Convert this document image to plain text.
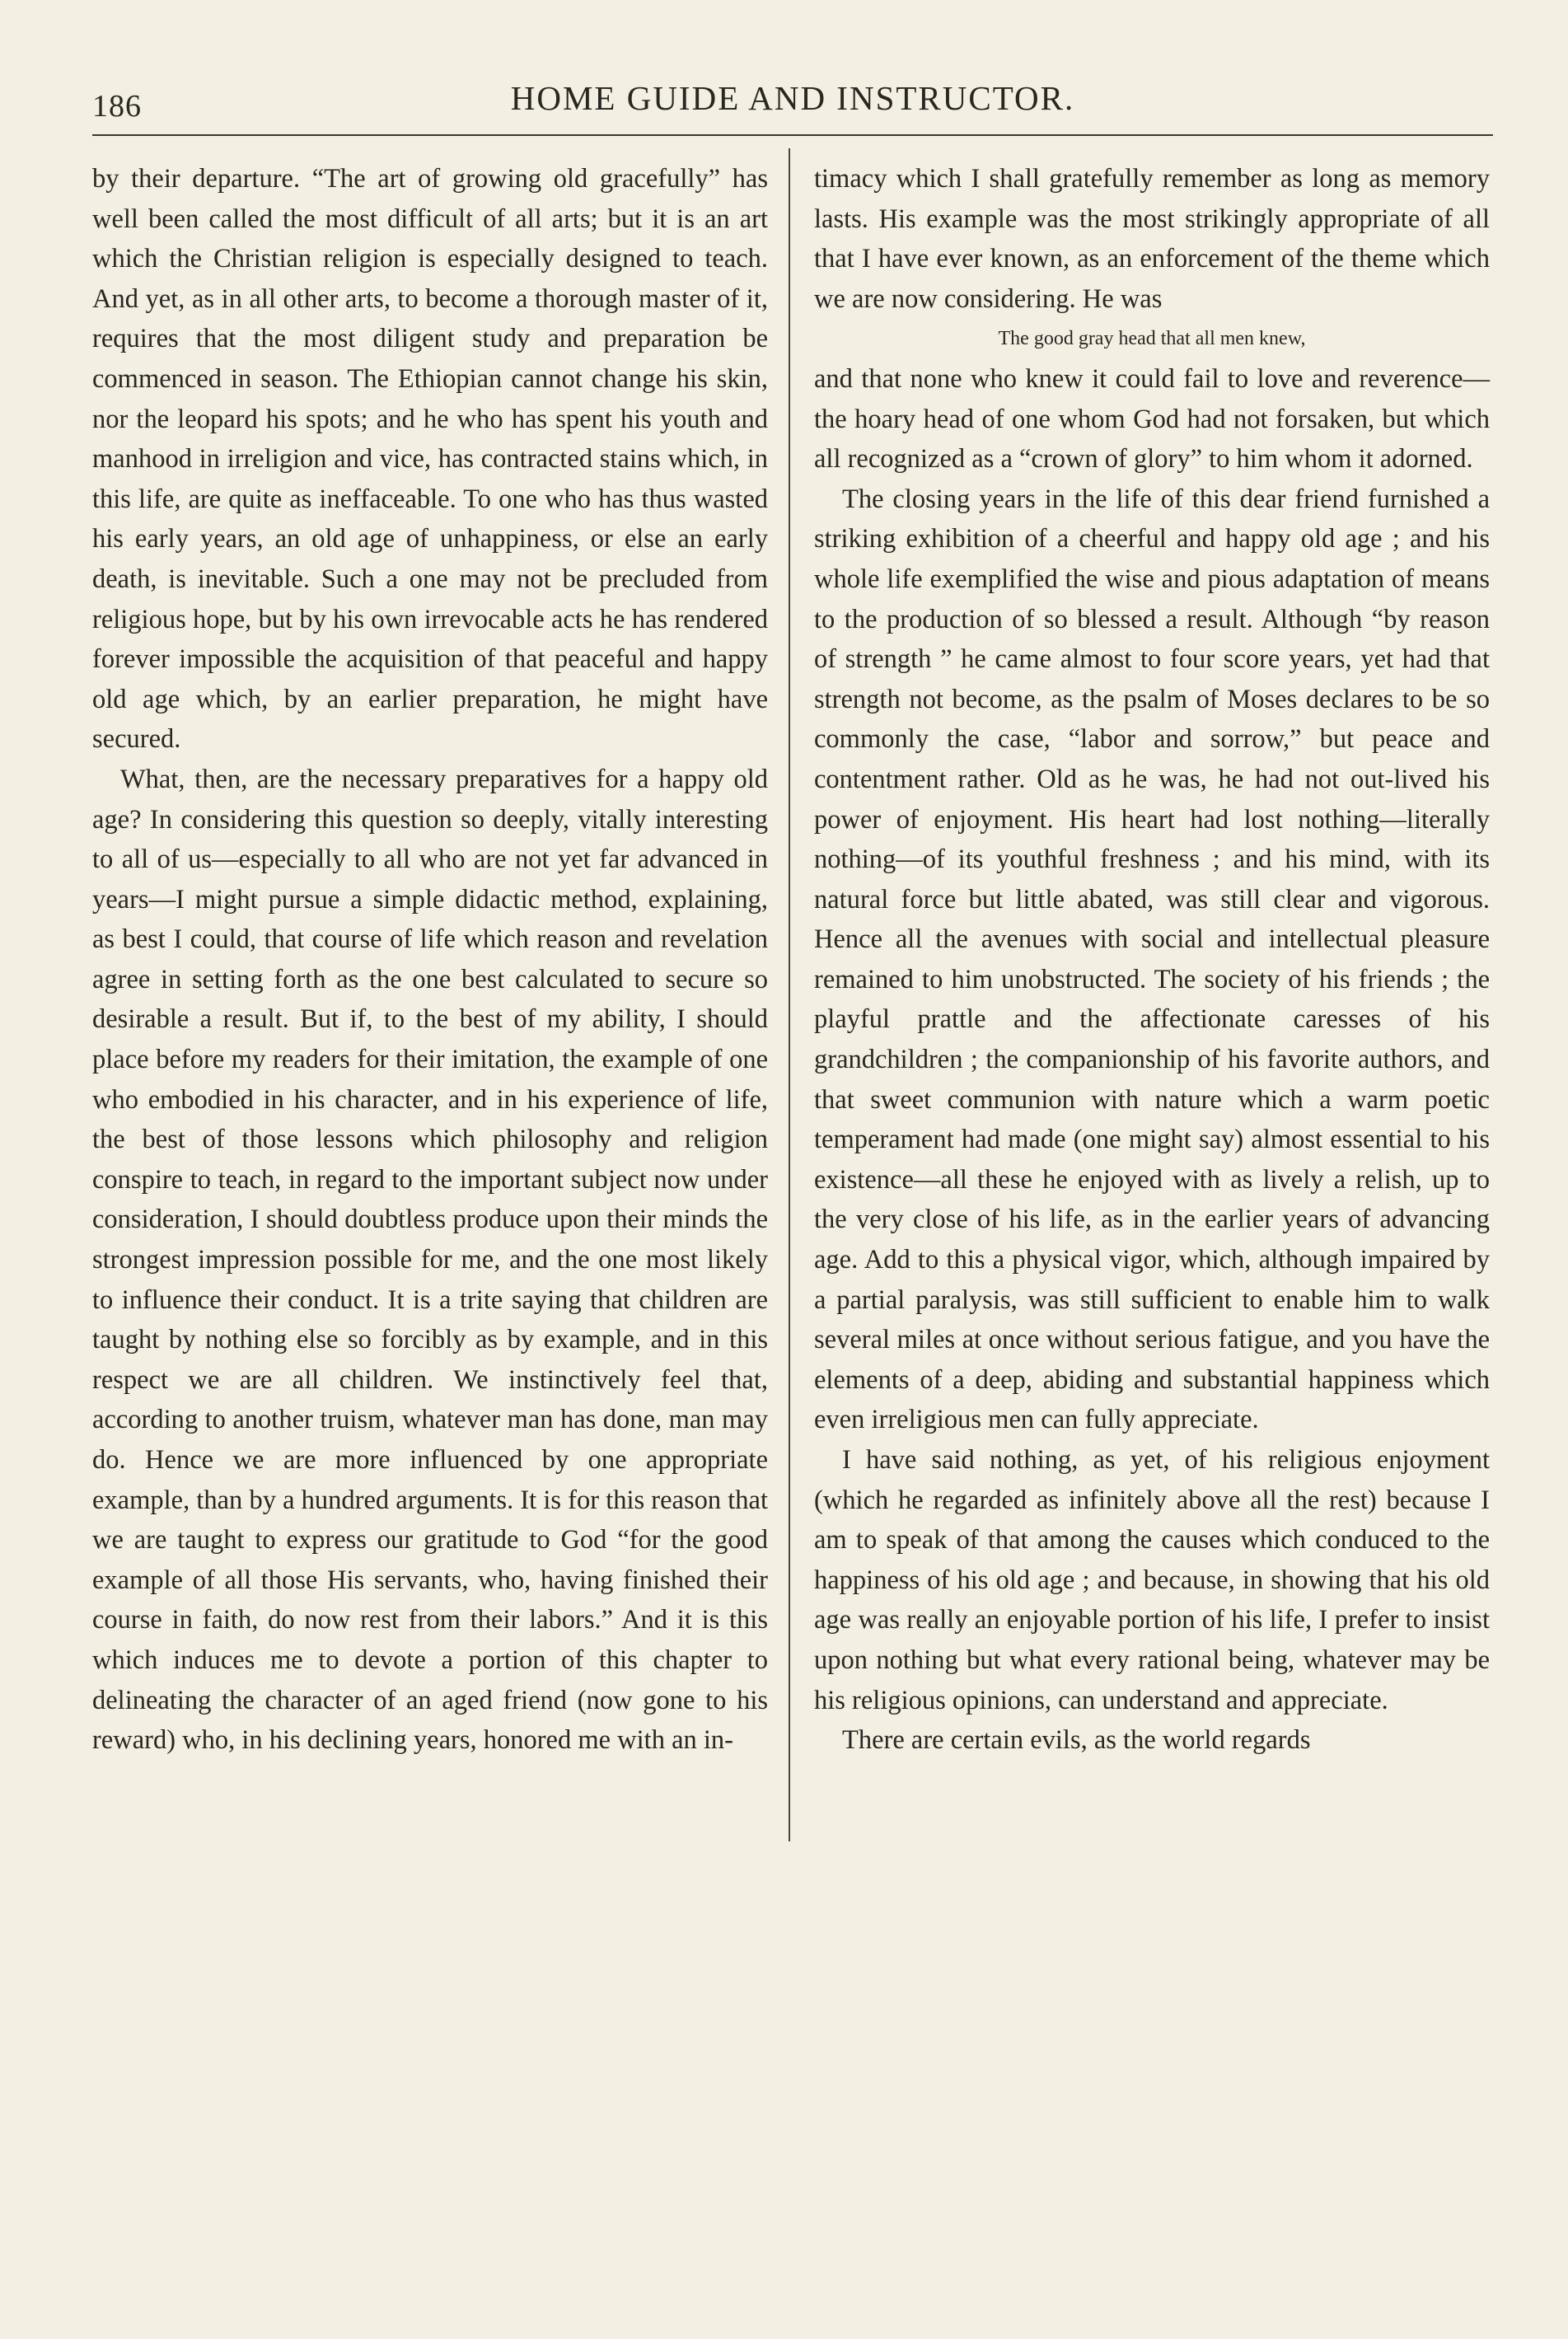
186	HOME GUIDE AND INSTRUCTOR.

by their departure. “The art of growing old gracefully” has well been called the most difficult of all arts; but it is an art which the Christian religion is especially designed to teach. And yet, as in all other arts, to become a thorough master of it, requires that the most diligent study and preparation be commenced in season. The Ethiopian cannot change his skin, nor the leopard his spots; and he who has spent his youth and manhood in irreligion and vice, has contracted stains which, in this life, are quite as ineffaceable. To one who has thus wasted his early years, an old age of unhappiness, or else an early death, is inevitable. Such a one may not be precluded from religious hope, but by his own irrevocable acts he has rendered forever impossible the acquisition of that peaceful and happy old age which, by an earlier preparation, he might have secured.

What, then, are the necessary preparatives for a happy old age? In considering this question so deeply, vitally interesting to all of us—especially to all who are not yet far advanced in years—I might pursue a simple didactic method, explaining, as best I could, that course of life which reason and revelation agree in setting forth as the one best calculated to secure so desirable a result. But if, to the best of my ability, I should place before my readers for their imitation, the example of one who embodied in his character, and in his experience of life, the best of those lessons which philosophy and religion conspire to teach, in regard to the important subject now under consideration, I should doubtless produce upon their minds the strongest impression possible for me, and the one most likely to influence their conduct. It is a trite saying that children are taught by nothing else so forcibly as by example, and in this respect we are all children. We instinctively feel that, according to another truism, whatever man has done, man may do. Hence we are more influenced by one appropriate example, than by a hundred arguments. It is for this reason that we are taught to express our gratitude to God “for the good example of all those His servants, who, having finished their course in faith, do now rest from their labors.” And it is this which induces me to devote a portion of this chapter to delineating the character of an aged friend (now gone to his reward) who, in his declining years, honored me with an in-

timacy which I shall gratefully remember as long as memory lasts. His example was the most strikingly appropriate of all that I have ever known, as an enforcement of the theme which we are now considering. He was

The good gray head that all men knew,

and that none who knew it could fail to love and reverence—the hoary head of one whom God had not forsaken, but which all recognized as a “crown of glory” to him whom it adorned.

The closing years in the life of this dear friend furnished a striking exhibition of a cheerful and happy old age ; and his whole life exemplified the wise and pious adaptation of means to the production of so blessed a result. Although “by reason of strength ” he came almost to four score years, yet had that strength not become, as the psalm of Moses declares to be so commonly the case, “labor and sorrow,” but peace and contentment rather. Old as he was, he had not out-lived his power of enjoyment. His heart had lost nothing—literally nothing—of its youthful freshness ; and his mind, with its natural force but little abated, was still clear and vigorous. Hence all the avenues with social and intellectual pleasure remained to him unobstructed. The society of his friends ; the playful prattle and the affectionate caresses of his grandchildren ; the companionship of his favorite authors, and that sweet communion with nature which a warm poetic temperament had made (one might say) almost essential to his existence—all these he enjoyed with as lively a relish, up to the very close of his life, as in the earlier years of advancing age. Add to this a physical vigor, which, although impaired by a partial paralysis, was still sufficient to enable him to walk several miles at once without serious fatigue, and you have the elements of a deep, abiding and substantial happiness which even irreligious men can fully appreciate.

I have said nothing, as yet, of his religious enjoyment (which he regarded as infinitely above all the rest) because I am to speak of that among the causes which conduced to the happiness of his old age ; and because, in showing that his old age was really an enjoyable portion of his life, I prefer to insist upon nothing but what every rational being, whatever may be his religious opinions, can understand and appreciate.

There are certain evils, as the world regards
